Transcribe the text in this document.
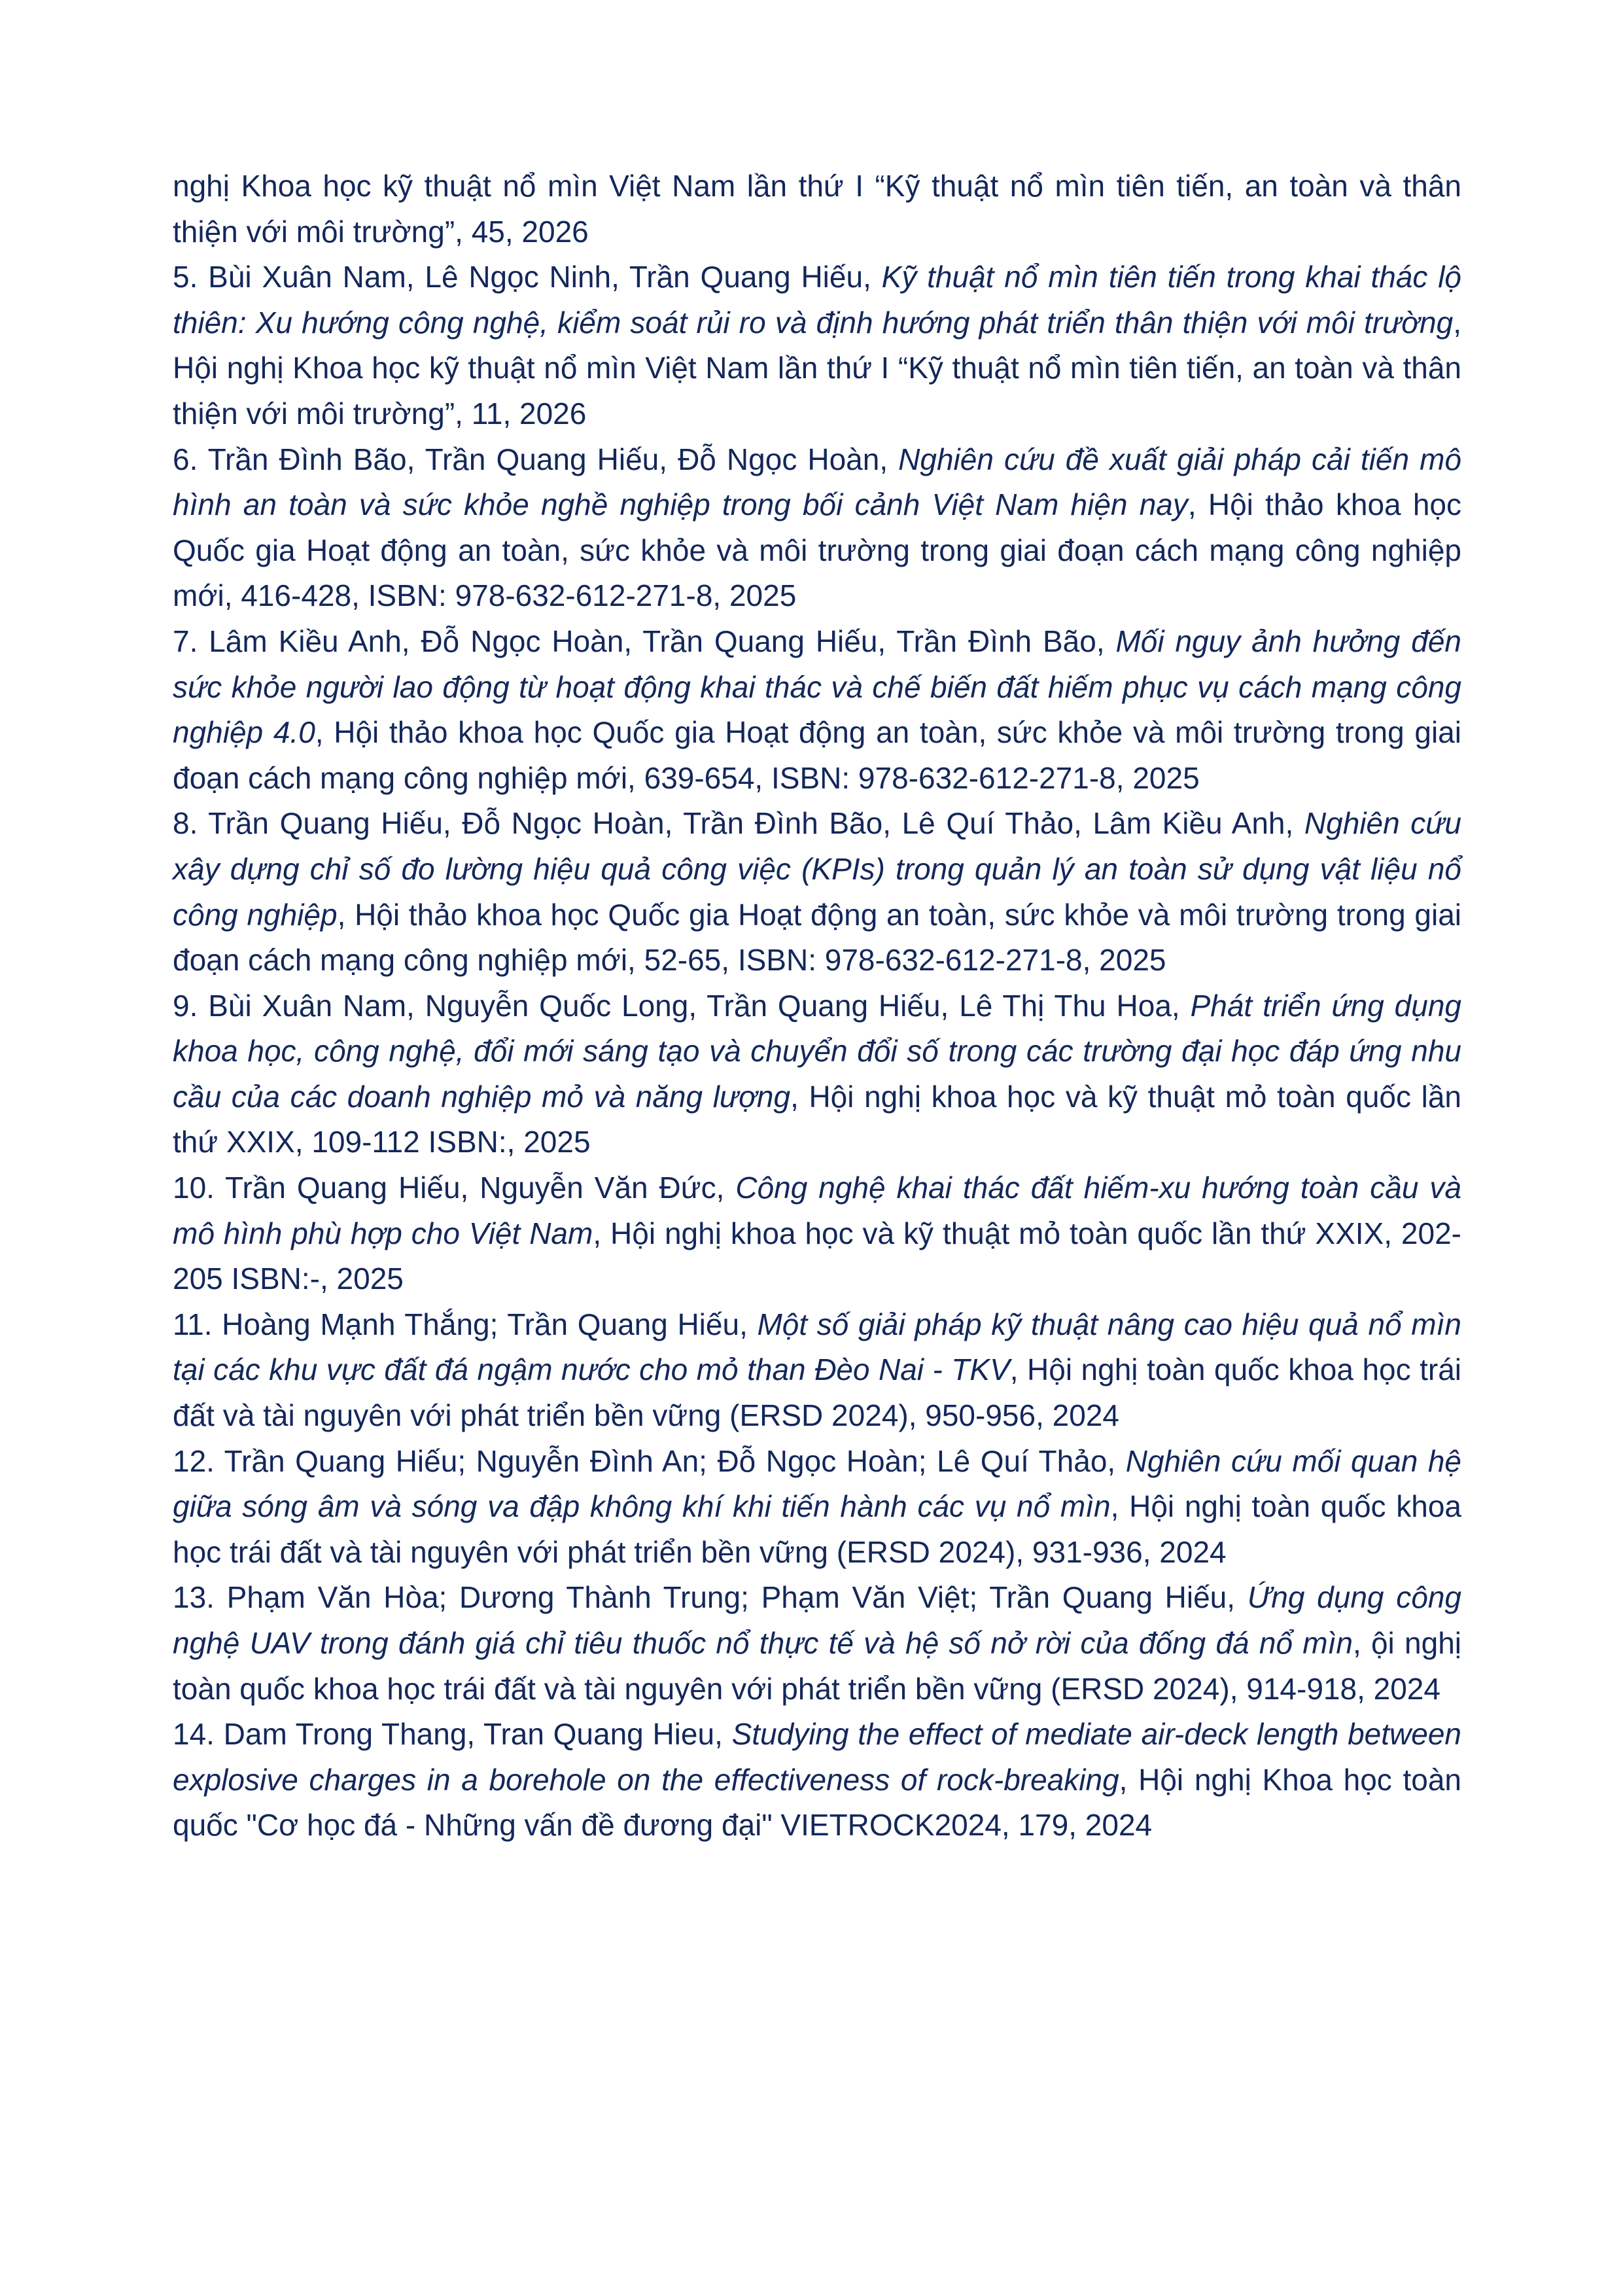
nghị Khoa học kỹ thuật nổ mìn Việt Nam lần thứ I “Kỹ thuật nổ mìn tiên tiến, an toàn và thân thiện với môi trường”, 45, 2026

5. Bùi Xuân Nam, Lê Ngọc Ninh, Trần Quang Hiếu, Kỹ thuật nổ mìn tiên tiến trong khai thác lộ thiên: Xu hướng công nghệ, kiểm soát rủi ro và định hướng phát triển thân thiện với môi trường, Hội nghị Khoa học kỹ thuật nổ mìn Việt Nam lần thứ I “Kỹ thuật nổ mìn tiên tiến, an toàn và thân thiện với môi trường”, 11, 2026

6. Trần Đình Bão, Trần Quang Hiếu, Đỗ Ngọc Hoàn, Nghiên cứu đề xuất giải pháp cải tiến mô hình an toàn và sức khỏe nghề nghiệp trong bối cảnh Việt Nam hiện nay, Hội thảo khoa học Quốc gia Hoạt động an toàn, sức khỏe và môi trường trong giai đoạn cách mạng công nghiệp mới, 416-428, ISBN: 978-632-612-271-8, 2025

7. Lâm Kiều Anh, Đỗ Ngọc Hoàn, Trần Quang Hiếu, Trần Đình Bão, Mối nguy ảnh hưởng đến sức khỏe người lao động từ hoạt động khai thác và chế biến đất hiếm phục vụ cách mạng công nghiệp 4.0, Hội thảo khoa học Quốc gia Hoạt động an toàn, sức khỏe và môi trường trong giai đoạn cách mạng công nghiệp mới, 639-654, ISBN: 978-632-612-271-8, 2025

8. Trần Quang Hiếu, Đỗ Ngọc Hoàn, Trần Đình Bão, Lê Quí Thảo, Lâm Kiều Anh, Nghiên cứu xây dựng chỉ số đo lường hiệu quả công việc (KPIs) trong quản lý an toàn sử dụng vật liệu nổ công nghiệp, Hội thảo khoa học Quốc gia Hoạt động an toàn, sức khỏe và môi trường trong giai đoạn cách mạng công nghiệp mới, 52-65, ISBN: 978-632-612-271-8, 2025

9. Bùi Xuân Nam, Nguyễn Quốc Long, Trần Quang Hiếu, Lê Thị Thu Hoa, Phát triển ứng dụng khoa học, công nghệ, đổi mới sáng tạo và chuyển đổi số trong các trường đại học đáp ứng nhu cầu của các doanh nghiệp mỏ và năng lượng, Hội nghị khoa học và kỹ thuật mỏ toàn quốc lần thứ XXIX, 109-112 ISBN:, 2025

10. Trần Quang Hiếu, Nguyễn Văn Đức, Công nghệ khai thác đất hiếm-xu hướng toàn cầu và mô hình phù hợp cho Việt Nam, Hội nghị khoa học và kỹ thuật mỏ toàn quốc lần thứ XXIX, 202-205 ISBN:-, 2025

11. Hoàng Mạnh Thắng; Trần Quang Hiếu, Một số giải pháp kỹ thuật nâng cao hiệu quả nổ mìn tại các khu vực đất đá ngậm nước cho mỏ than Đèo Nai - TKV, Hội nghị toàn quốc khoa học trái đất và tài nguyên với phát triển bền vững (ERSD 2024), 950-956, 2024

12. Trần Quang Hiếu; Nguyễn Đình An; Đỗ Ngọc Hoàn; Lê Quí Thảo, Nghiên cứu mối quan hệ giữa sóng âm và sóng va đập không khí khi tiến hành các vụ nổ mìn, Hội nghị toàn quốc khoa học trái đất và tài nguyên với phát triển bền vững (ERSD 2024), 931-936, 2024

13. Phạm Văn Hòa; Dương Thành Trung; Phạm Văn Việt; Trần Quang Hiếu, Ứng dụng công nghệ UAV trong đánh giá chỉ tiêu thuốc nổ thực tế và hệ số nở rời của đống đá nổ mìn, ội nghị toàn quốc khoa học trái đất và tài nguyên với phát triển bền vững (ERSD 2024), 914-918, 2024

14. Dam Trong Thang, Tran Quang Hieu, Studying the effect of mediate air-deck length between explosive charges in a borehole on the effectiveness of rock-breaking, Hội nghị Khoa học toàn quốc "Cơ học đá - Những vấn đề đương đại" VIETROCK2024, 179, 2024
